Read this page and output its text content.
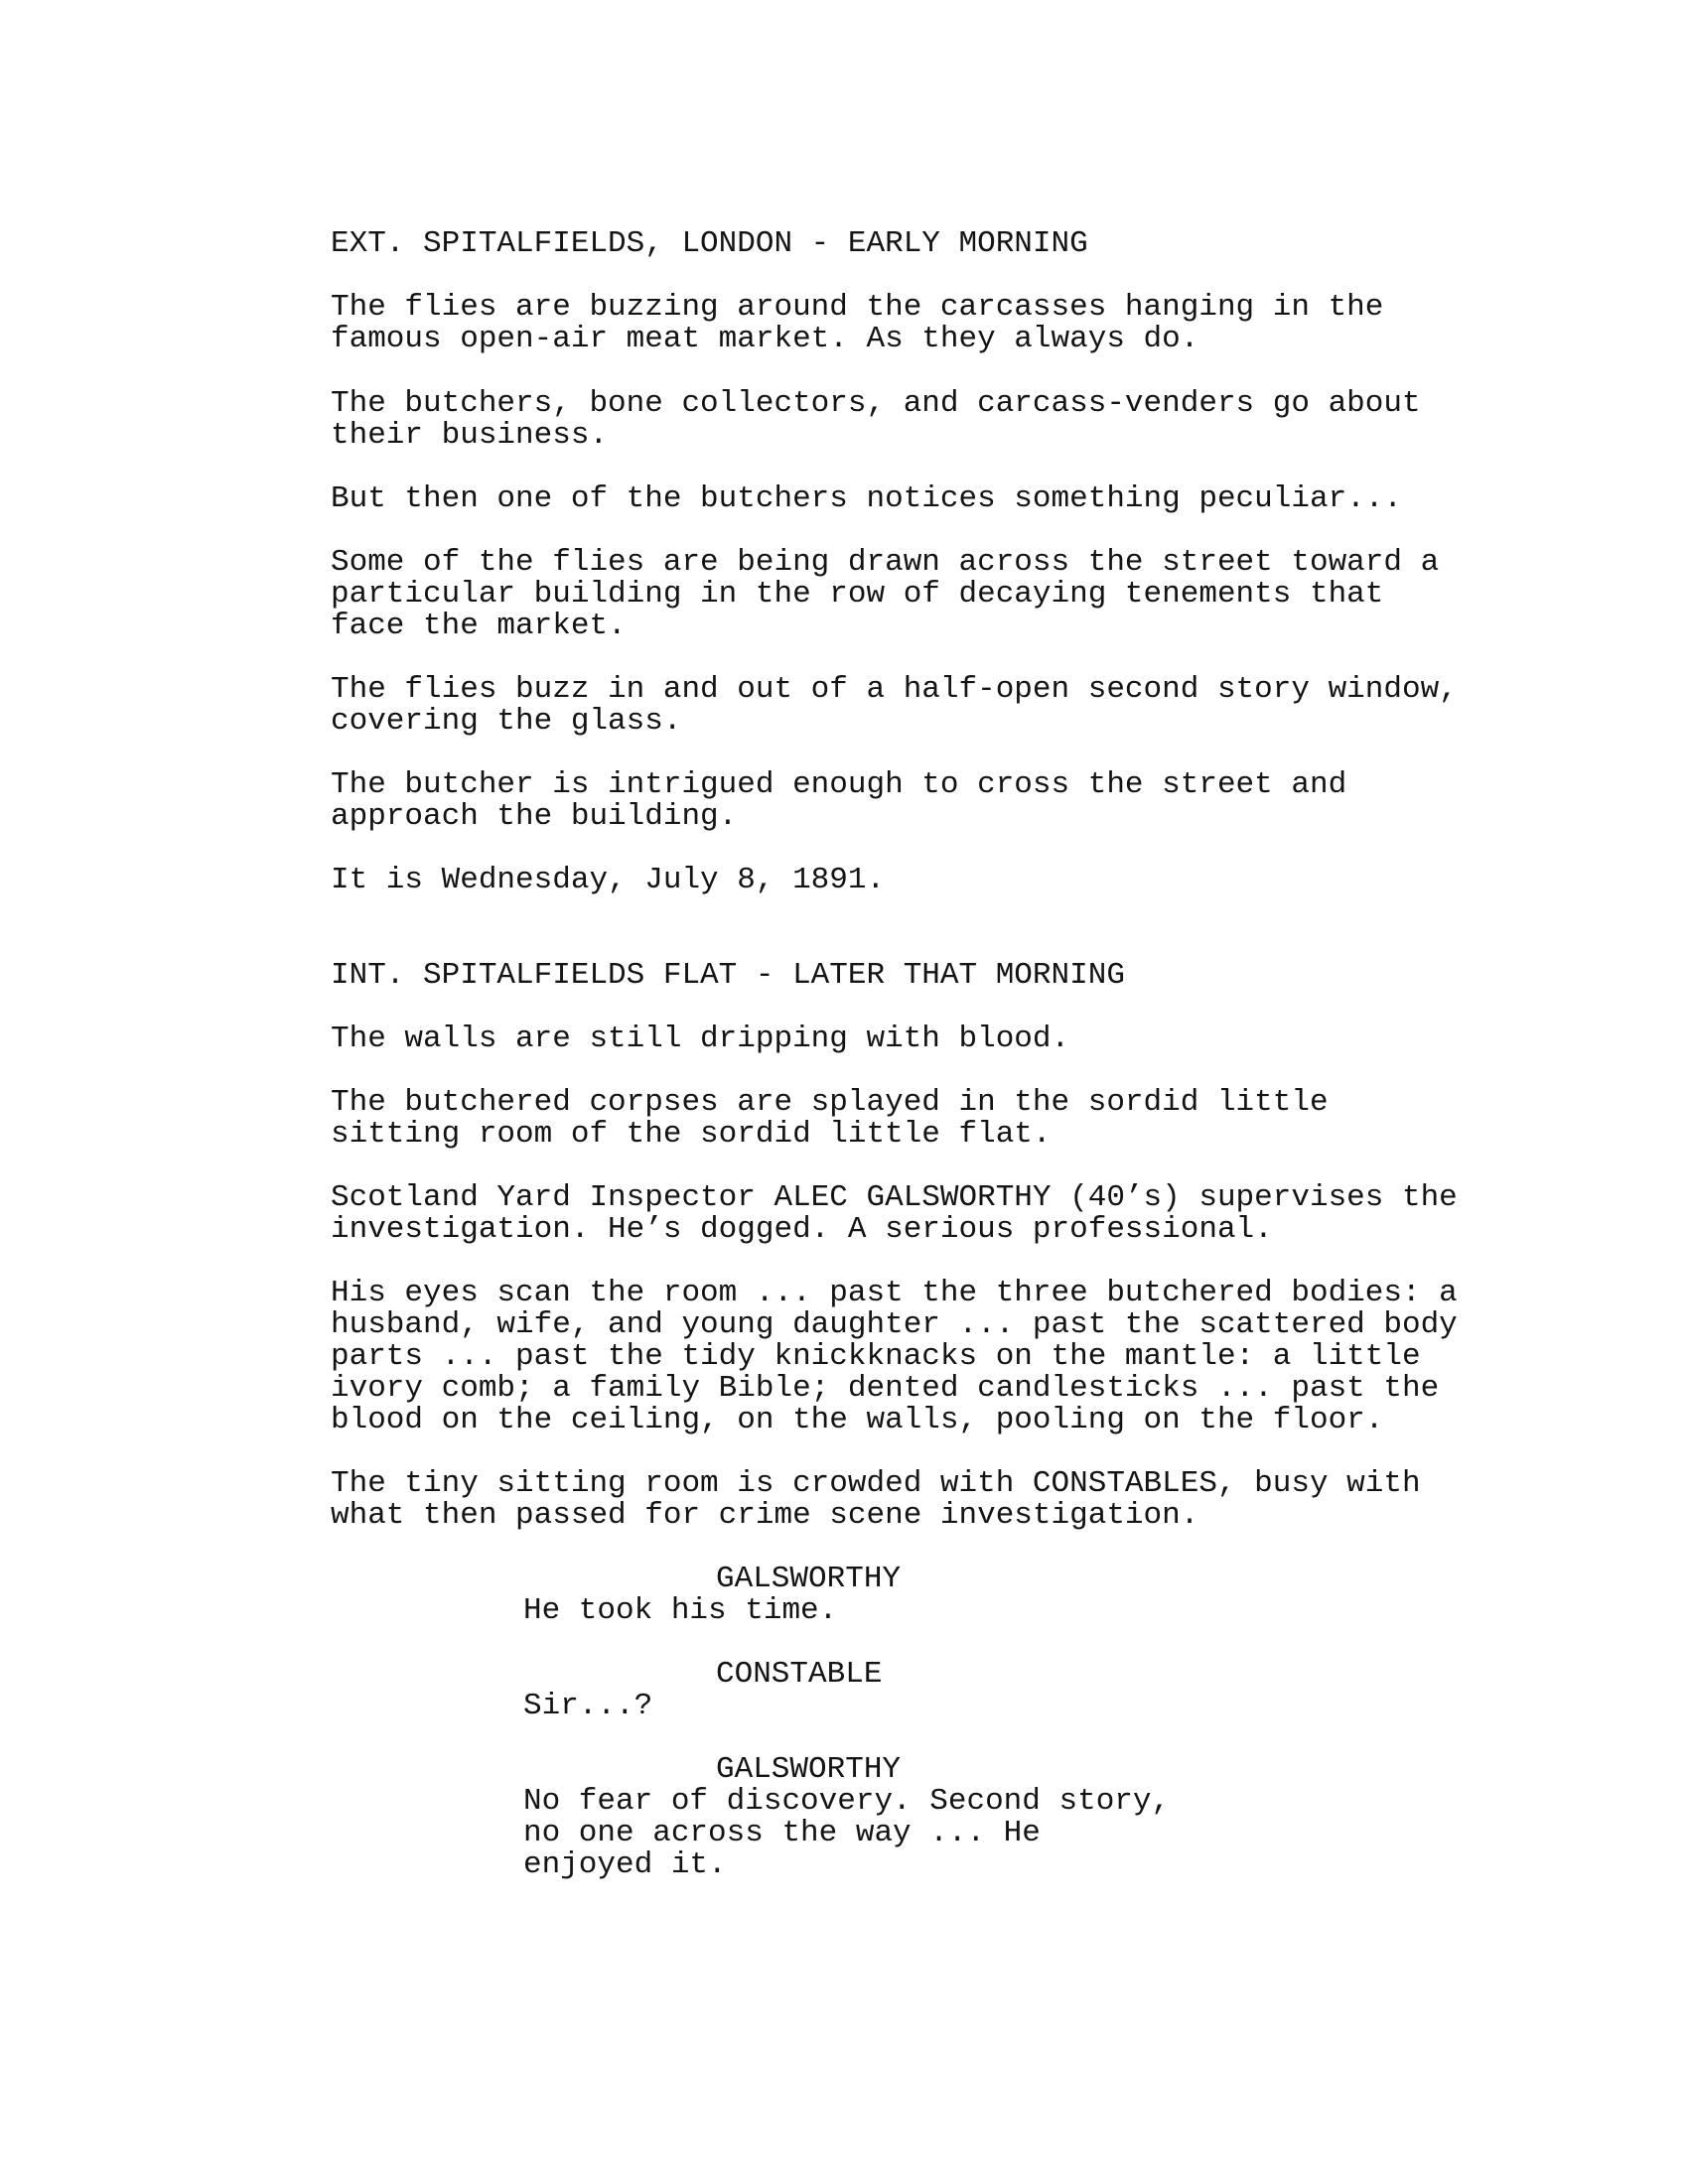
EXT. SPITALFIELDS, LONDON - EARLY MORNING
The flies are buzzing around the carcasses hanging in the
famous open-air meat market. As they always do.
The butchers, bone collectors, and carcass-venders go about
their business.
But then one of the butchers notices something peculiar...
Some of the flies are being drawn across the street toward a
particular building in the row of decaying tenements that
face the market.
The flies buzz in and out of a half-open second story window,
covering the glass.
The butcher is intrigued enough to cross the street and
approach the building.
It is Wednesday, July 8, 1891.
INT. SPITALFIELDS FLAT - LATER THAT MORNING
The walls are still dripping with blood.
The butchered corpses are splayed in the sordid little
sitting room of the sordid little flat.
Scotland Yard Inspector ALEC GALSWORTHY (40’s) supervises the
investigation. He’s dogged. A serious professional.
His eyes scan the room ... past the three butchered bodies: a
husband, wife, and young daughter ... past the scattered body
parts ... past the tidy knickknacks on the mantle: a little
ivory comb; a family Bible; dented candlesticks ... past the
blood on the ceiling, on the walls, pooling on the floor.
The tiny sitting room is crowded with CONSTABLES, busy with
what then passed for crime scene investigation.
GALSWORTHY
He took his time.
CONSTABLE
Sir...?
GALSWORTHY
No fear of discovery. Second story,
no one across the way ... He
enjoyed it.
